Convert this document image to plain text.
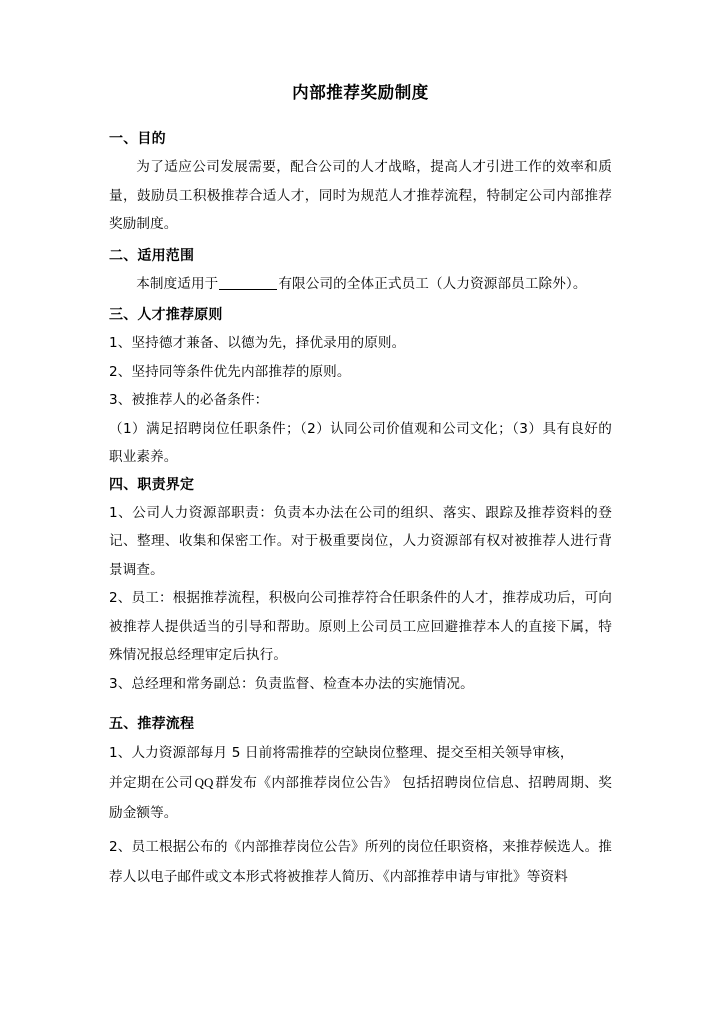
内部推荐奖励制度
一、目的

为了适应公司发展需要，配合公司的人才战略，提高人才引进工作的效率和质量，鼓励员工积极推荐合适人才，同时为规范人才推荐流程，特制定公司内部推荐奖励制度。

二、适用范围

本制度适用于	有限公司的全体正式员工（人力资源部员工除外）。

三、人才推荐原则

1、坚持德才兼备、以德为先，择优录用的原则。

2、坚持同等条件优先内部推荐的原则。

3、被推荐人的必备条件：

（1）满足招聘岗位任职条件；（2）认同公司价值观和公司文化；（3）具有良好的职业素养。

四、职责界定

1、公司人力资源部职责：负责本办法在公司的组织、落实、跟踪及推荐资料的登记、整理、收集和保密工作。对于极重要岗位，人力资源部有权对被推荐人进行背景调查。

2、员工：根据推荐流程，积极向公司推荐符合任职条件的人才，推荐成功后，可向被推荐人提供适当的引导和帮助。原则上公司员工应回避推荐本人的直接下属，特殊情况报总经理审定后执行。

3、总经理和常务副总：负责监督、检查本办法的实施情况。

五、推荐流程

1、人力资源部每月 5 日前将需推荐的空缺岗位整理、提交至相关领导审核，

并定期在公司 QQ 群发布《内部推荐岗位公告》 包括招聘岗位信息、招聘周期、奖励金额等。

2、员工根据公布的《内部推荐岗位公告》所列的岗位任职资格，来推荐候选人。推荐人以电子邮件或文本形式将被推荐人简历、《内部推荐申请与审批》等资料
